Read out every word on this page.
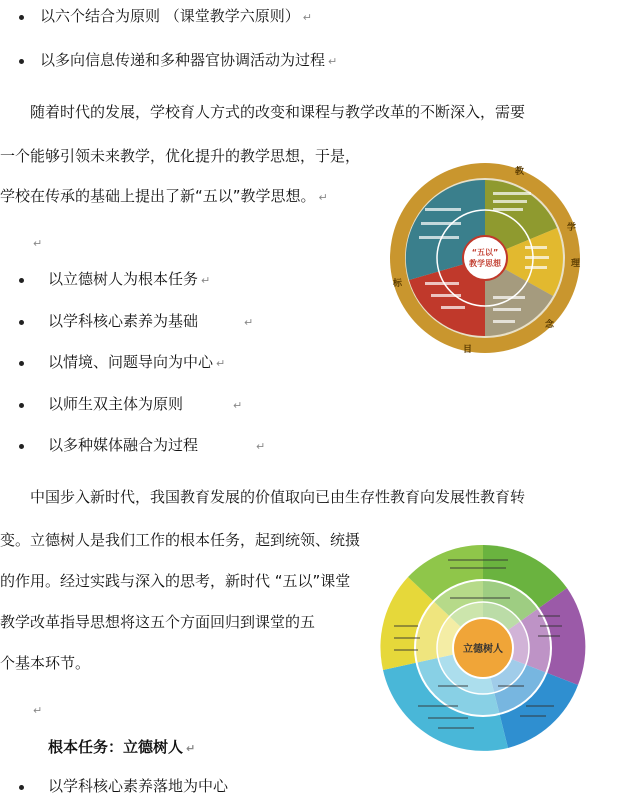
以六个结合为原则 （课堂教学六原则） ↵
以多向信息传递和多种器官协调活动为过程 ↵
随着时代的发展，学校育人方式的改变和课程与教学改革的不断深入，需要
一个能够引领未来教学，优化提升的教学思想，于是，
学校在传承的基础上提出了新“五以”教学思想。 ↵
↵
以立德树人为根本任务 ↵
以学科核心素养为基础	↵
以情境、问题导向为中心 ↵
以师生双主体为原则	↵
以多种媒体融合为过程	↵
中国步入新时代，我国教育发展的价值取向已由生存性教育向发展性教育转
变。立德树人是我们工作的根本任务，起到统领、统摄
的作用。经过实践与深入的思考，新时代 “五以”课堂
教学改革指导思想将这五个方面回归到课堂的五
个基本环节。
↵
根本任务：立德树人 ↵
以学科核心素养落地为中心
“五以”
教学思想
教
学
理
念
目
标
立德树人
